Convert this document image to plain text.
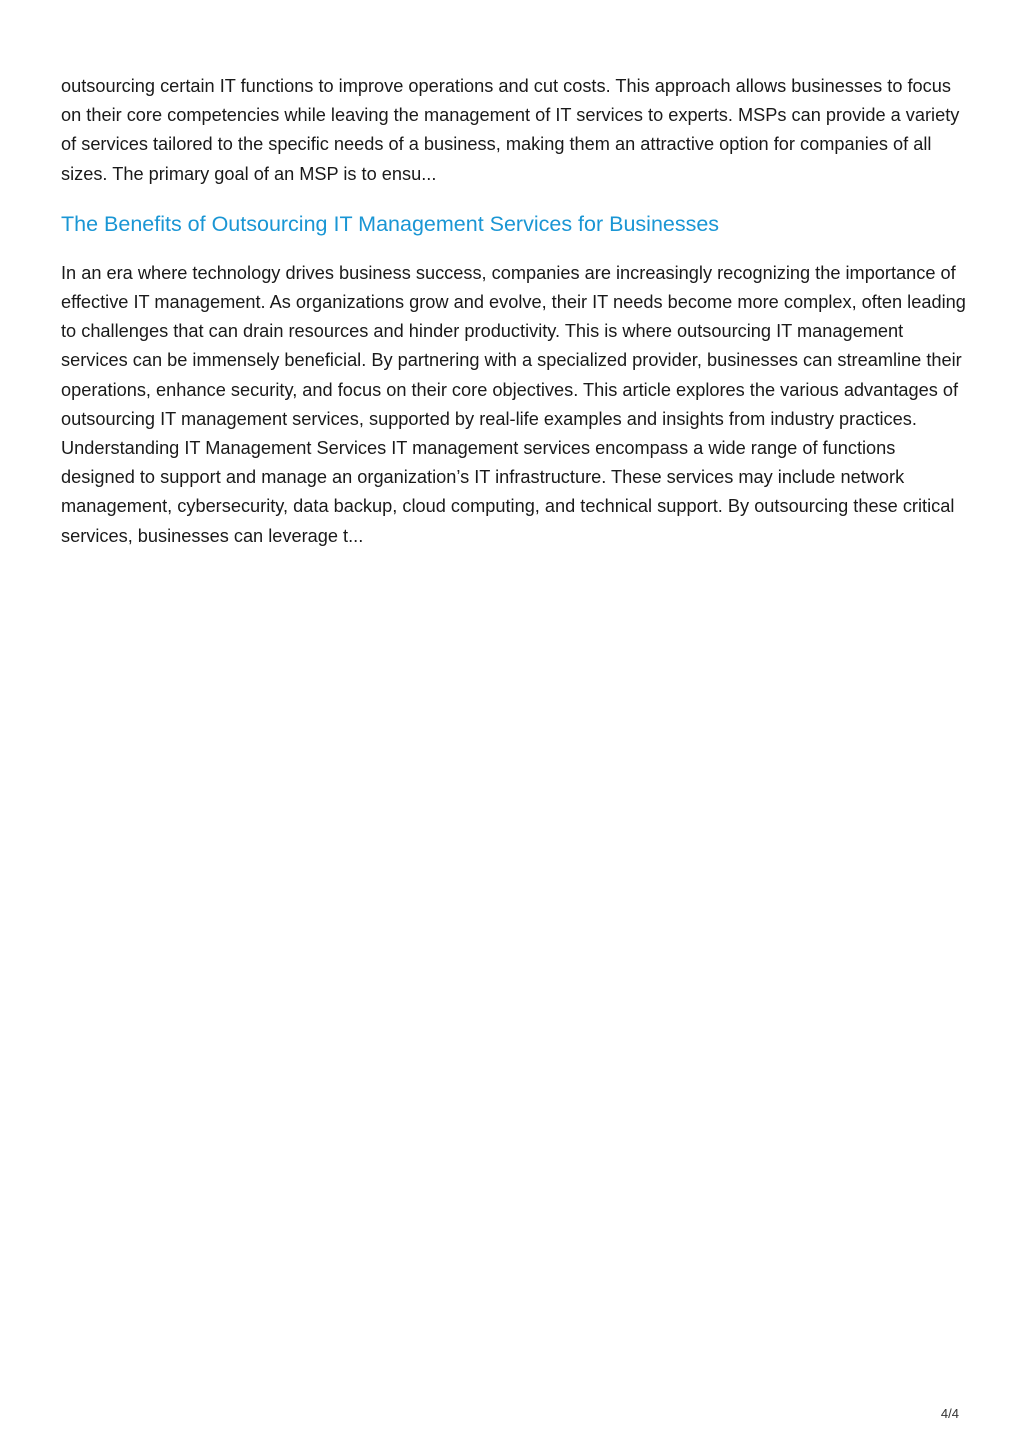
outsourcing certain IT functions to improve operations and cut costs. This approach allows businesses to focus on their core competencies while leaving the management of IT services to experts. MSPs can provide a variety of services tailored to the specific needs of a business, making them an attractive option for companies of all sizes. The primary goal of an MSP is to ensu...

The Benefits of Outsourcing IT Management Services for Businesses

In an era where technology drives business success, companies are increasingly recognizing the importance of effective IT management. As organizations grow and evolve, their IT needs become more complex, often leading to challenges that can drain resources and hinder productivity. This is where outsourcing IT management services can be immensely beneficial. By partnering with a specialized provider, businesses can streamline their operations, enhance security, and focus on their core objectives. This article explores the various advantages of outsourcing IT management services, supported by real-life examples and insights from industry practices. Understanding IT Management Services IT management services encompass a wide range of functions designed to support and manage an organization’s IT infrastructure. These services may include network management, cybersecurity, data backup, cloud computing, and technical support. By outsourcing these critical services, businesses can leverage t...

4/4
